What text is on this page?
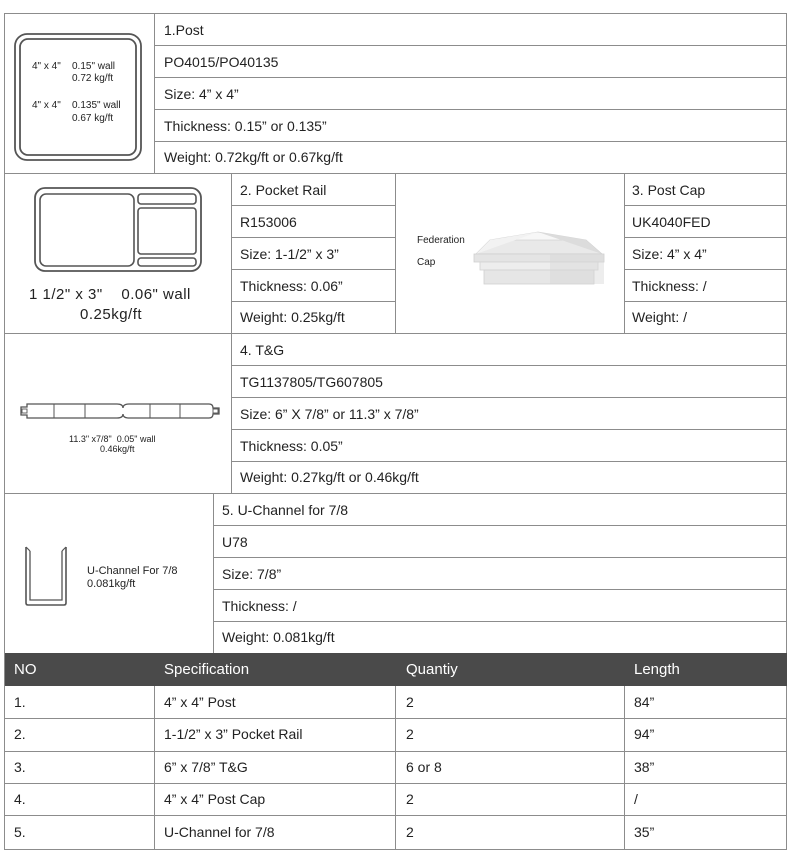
4" x 4" 0.15" wall
0.72 kg/ft
4" x 4" 0.135" wall
0.67 kg/ft
1.Post
PO4015/PO40135
Size: 4” x 4”
Thickness: 0.15” or 0.135”
Weight: 0.72kg/ft or 0.67kg/ft
1 1/2" x 3"    0.06" wall
0.25kg/ft
2. Pocket Rail
R153006
Size: 1-1/2” x 3”
Thickness: 0.06”
Weight: 0.25kg/ft
Federation
Cap
3. Post Cap
UK4040FED
Size: 4” x 4”
Thickness: /
Weight: /
11.3" x7/8"  0.05" wall
0.46kg/ft
4. T&G
TG1137805/TG607805
Size: 6” X 7/8” or 11.3” x 7/8”
Thickness: 0.05”
Weight: 0.27kg/ft or 0.46kg/ft
U-Channel For 7/8
0.081kg/ft
5. U-Channel for 7/8
U78
Size: 7/8”
Thickness: /
Weight: 0.081kg/ft
NO	Specification	Quantiy	Length
1.	4” x 4” Post	2	84”
2.	1-1/2” x 3” Pocket Rail	2	94”
3.	6” x 7/8” T&G	6 or 8	38”
4.	4” x 4” Post Cap	2	/
5.	U-Channel for 7/8	2	35”
